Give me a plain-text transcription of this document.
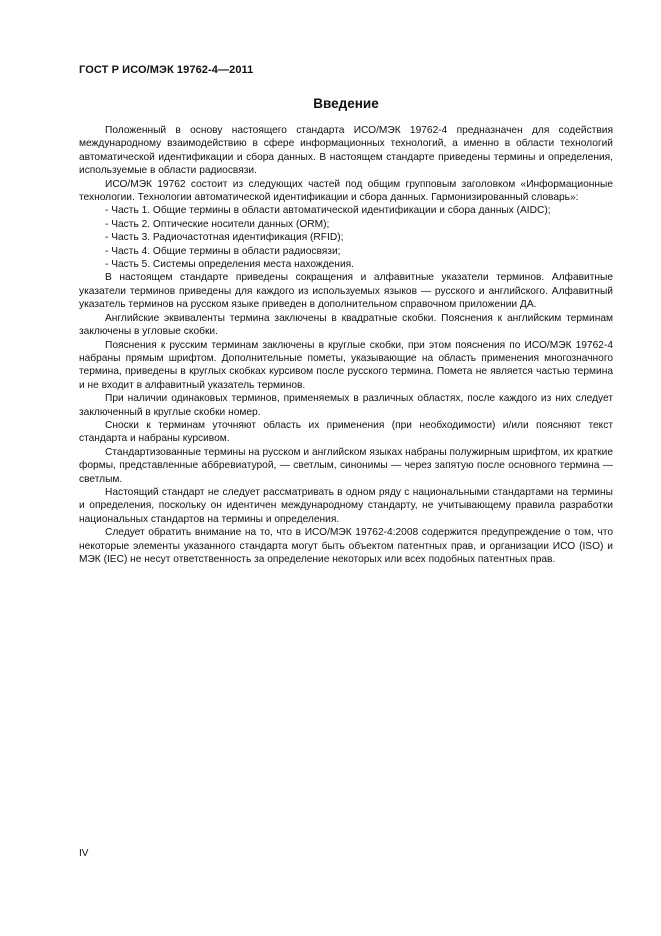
ГОСТ Р ИСО/МЭК 19762-4—2011
Введение

Положенный в основу настоящего стандарта ИСО/МЭК 19762-4 предназначен для содействия международному взаимодействию в сфере информационных технологий, а именно в области технологий автоматической идентификации и сбора данных. В настоящем стандарте приведены термины и определения, используемые в области радиосвязи.

ИСО/МЭК 19762 состоит из следующих частей под общим групповым заголовком «Информационные технологии. Технологии автоматической идентификации и сбора данных. Гармонизированный словарь»:

- Часть 1. Общие термины в области автоматической идентификации и сбора данных (AIDC);
- Часть 2. Оптические носители данных (ORM);
- Часть 3. Радиочастотная идентификация (RFID);
- Часть 4. Общие термины в области радиосвязи;
- Часть 5. Системы определения места нахождения.

В настоящем стандарте приведены сокращения и алфавитные указатели терминов. Алфавитные указатели терминов приведены для каждого из используемых языков — русского и английского. Алфавитный указатель терминов на русском языке приведен в дополнительном справочном приложении ДА.

Английские эквиваленты термина заключены в квадратные скобки. Пояснения к английским терминам заключены в угловые скобки.

Пояснения к русским терминам заключены в круглые скобки, при этом пояснения по ИСО/МЭК 19762-4 набраны прямым шрифтом. Дополнительные пометы, указывающие на область применения многозначного термина, приведены в круглых скобках курсивом после русского термина. Помета не является частью термина и не входит в алфавитный указатель терминов.

При наличии одинаковых терминов, применяемых в различных областях, после каждого из них следует заключенный в круглые скобки номер.

Сноски к терминам уточняют область их применения (при необходимости) и/или поясняют текст стандарта и набраны курсивом.

Стандартизованные термины на русском и английском языках набраны полужирным шрифтом, их краткие формы, представленные аббревиатурой, — светлым, синонимы — через запятую после основного термина — светлым.

Настоящий стандарт не следует рассматривать в одном ряду с национальными стандартами на термины и определения, поскольку он идентичен международному стандарту, не учитывающему правила разработки национальных стандартов на термины и определения.

Следует обратить внимание на то, что в ИСО/МЭК 19762-4:2008 содержится предупреждение о том, что некоторые элементы указанного стандарта могут быть объектом патентных прав, и организации ИСО (ISO) и МЭК (IEC) не несут ответственность за определение некоторых или всех подобных патентных прав.

IV
